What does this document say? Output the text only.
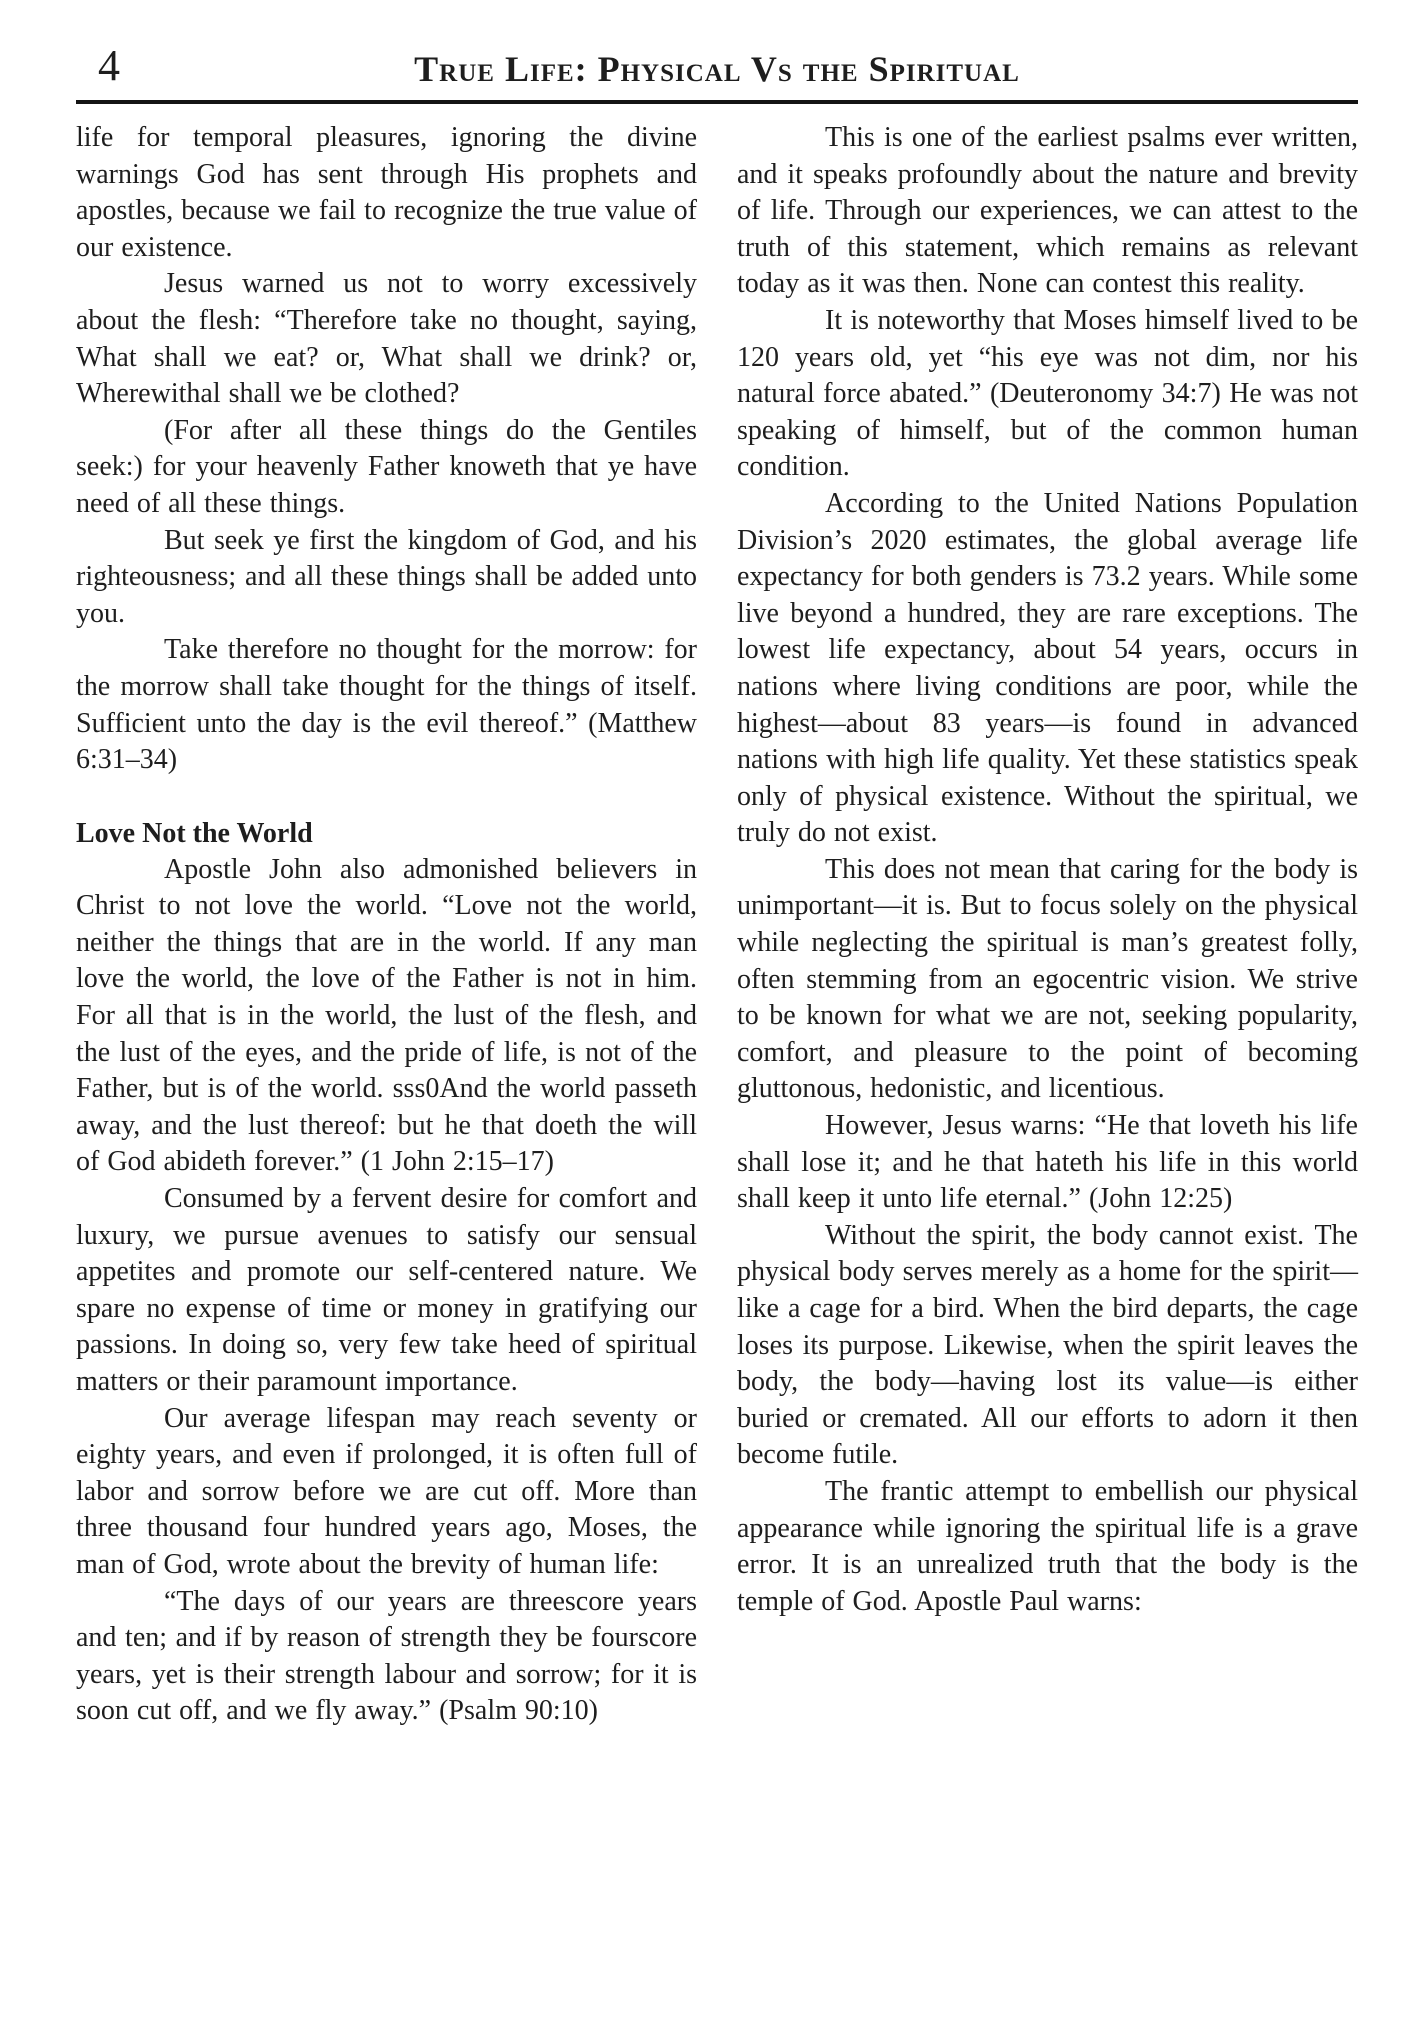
4	True Life: Physical Vs the Spiritual

life for temporal pleasures, ignoring the divine warnings God has sent through His prophets and apostles, because we fail to recognize the true value of our existence.

Jesus warned us not to worry excessively about the flesh: “Therefore take no thought, saying, What shall we eat? or, What shall we drink? or, Wherewithal shall we be clothed?

(For after all these things do the Gentiles seek:) for your heavenly Father knoweth that ye have need of all these things.

But seek ye first the kingdom of God, and his righteousness; and all these things shall be added unto you.

Take therefore no thought for the morrow: for the morrow shall take thought for the things of itself. Sufficient unto the day is the evil thereof.” (Matthew 6:31–34)

Love Not the World

Apostle John also admonished believers in Christ to not love the world. “Love not the world, neither the things that are in the world. If any man love the world, the love of the Father is not in him. For all that is in the world, the lust of the flesh, and the lust of the eyes, and the pride of life, is not of the Father, but is of the world. sss0And the world passeth away, and the lust thereof: but he that doeth the will of God abideth forever.” (1 John 2:15–17)

Consumed by a fervent desire for comfort and luxury, we pursue avenues to satisfy our sensual appetites and promote our self-centered nature. We spare no expense of time or money in gratifying our passions. In doing so, very few take heed of spiritual matters or their paramount importance.

Our average lifespan may reach seventy or eighty years, and even if prolonged, it is often full of labor and sorrow before we are cut off. More than three thousand four hundred years ago, Moses, the man of God, wrote about the brevity of human life:

“The days of our years are threescore years and ten; and if by reason of strength they be fourscore years, yet is their strength labour and sorrow; for it is soon cut off, and we fly away.” (Psalm 90:10)

This is one of the earliest psalms ever written, and it speaks profoundly about the nature and brevity of life. Through our experiences, we can attest to the truth of this statement, which remains as relevant today as it was then. None can contest this reality.

It is noteworthy that Moses himself lived to be 120 years old, yet “his eye was not dim, nor his natural force abated.” (Deuteronomy 34:7) He was not speaking of himself, but of the common human condition.

According to the United Nations Population Division’s 2020 estimates, the global average life expectancy for both genders is 73.2 years. While some live beyond a hundred, they are rare exceptions. The lowest life expectancy, about 54 years, occurs in nations where living conditions are poor, while the highest—about 83 years—is found in advanced nations with high life quality. Yet these statistics speak only of physical existence. Without the spiritual, we truly do not exist.

This does not mean that caring for the body is unimportant—it is. But to focus solely on the physical while neglecting the spiritual is man’s greatest folly, often stemming from an egocentric vision. We strive to be known for what we are not, seeking popularity, comfort, and pleasure to the point of becoming gluttonous, hedonistic, and licentious.

However, Jesus warns: “He that loveth his life shall lose it; and he that hateth his life in this world shall keep it unto life eternal.” (John 12:25)

Without the spirit, the body cannot exist. The physical body serves merely as a home for the spirit—like a cage for a bird. When the bird departs, the cage loses its purpose. Likewise, when the spirit leaves the body, the body—having lost its value—is either buried or cremated. All our efforts to adorn it then become futile.

The frantic attempt to embellish our physical appearance while ignoring the spiritual life is a grave error. It is an unrealized truth that the body is the temple of God. Apostle Paul warns:
